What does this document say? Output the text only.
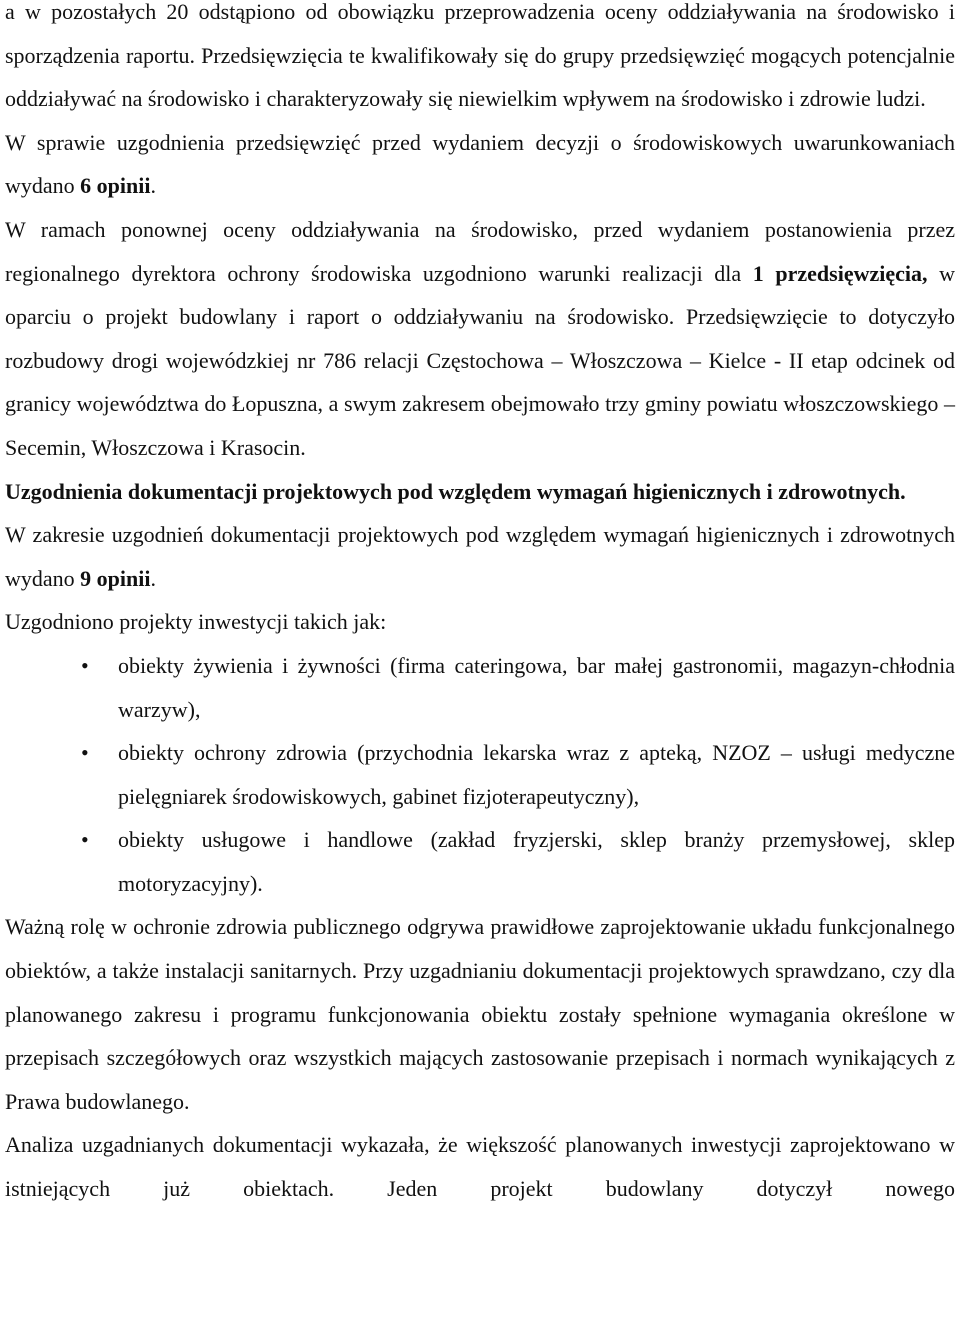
a w pozostałych 20 odstąpiono od obowiązku przeprowadzenia oceny oddziaływania na środowisko i sporządzenia raportu. Przedsięwzięcia te kwalifikowały się do grupy przedsięwzięć mogących potencjalnie oddziaływać na środowisko i charakteryzowały się niewielkim wpływem na środowisko i zdrowie ludzi.

W sprawie uzgodnienia przedsięwzięć przed wydaniem decyzji o środowiskowych uwarunkowaniach wydano 6 opinii.

W ramach ponownej oceny oddziaływania na środowisko, przed wydaniem postanowienia przez regionalnego dyrektora ochrony środowiska uzgodniono warunki realizacji dla 1 przedsięwzięcia, w oparciu o projekt budowlany i raport o oddziaływaniu na środowisko. Przedsięwzięcie to dotyczyło rozbudowy drogi wojewódzkiej nr 786 relacji Częstochowa – Włoszczowa – Kielce - II etap odcinek od granicy województwa do Łopuszna, a swym zakresem obejmowało trzy gminy powiatu włoszczowskiego – Secemin, Włoszczowa i Krasocin.

Uzgodnienia dokumentacji projektowych pod względem wymagań higienicznych i zdrowotnych.

W zakresie uzgodnień dokumentacji projektowych pod względem wymagań higienicznych i zdrowotnych wydano 9 opinii.

Uzgodniono projekty inwestycji takich jak:

• obiekty żywienia i żywności (firma cateringowa, bar małej gastronomii, magazyn-chłodnia warzyw),
• obiekty ochrony zdrowia (przychodnia lekarska wraz z apteką, NZOZ – usługi medyczne pielęgniarek środowiskowych, gabinet fizjoterapeutyczny),
• obiekty usługowe i handlowe (zakład fryzjerski, sklep branży przemysłowej, sklep motoryzacyjny).

Ważną rolę w ochronie zdrowia publicznego odgrywa prawidłowe zaprojektowanie układu funkcjonalnego obiektów, a także instalacji sanitarnych. Przy uzgadnianiu dokumentacji projektowych sprawdzano, czy dla planowanego zakresu i programu funkcjonowania obiektu zostały spełnione wymagania określone w przepisach szczegółowych oraz wszystkich mających zastosowanie przepisach i normach wynikających z Prawa budowlanego.

Analiza uzgadnianych dokumentacji wykazała, że większość planowanych inwestycji zaprojektowano w istniejących już obiektach. Jeden projekt budowlany dotyczył nowego
